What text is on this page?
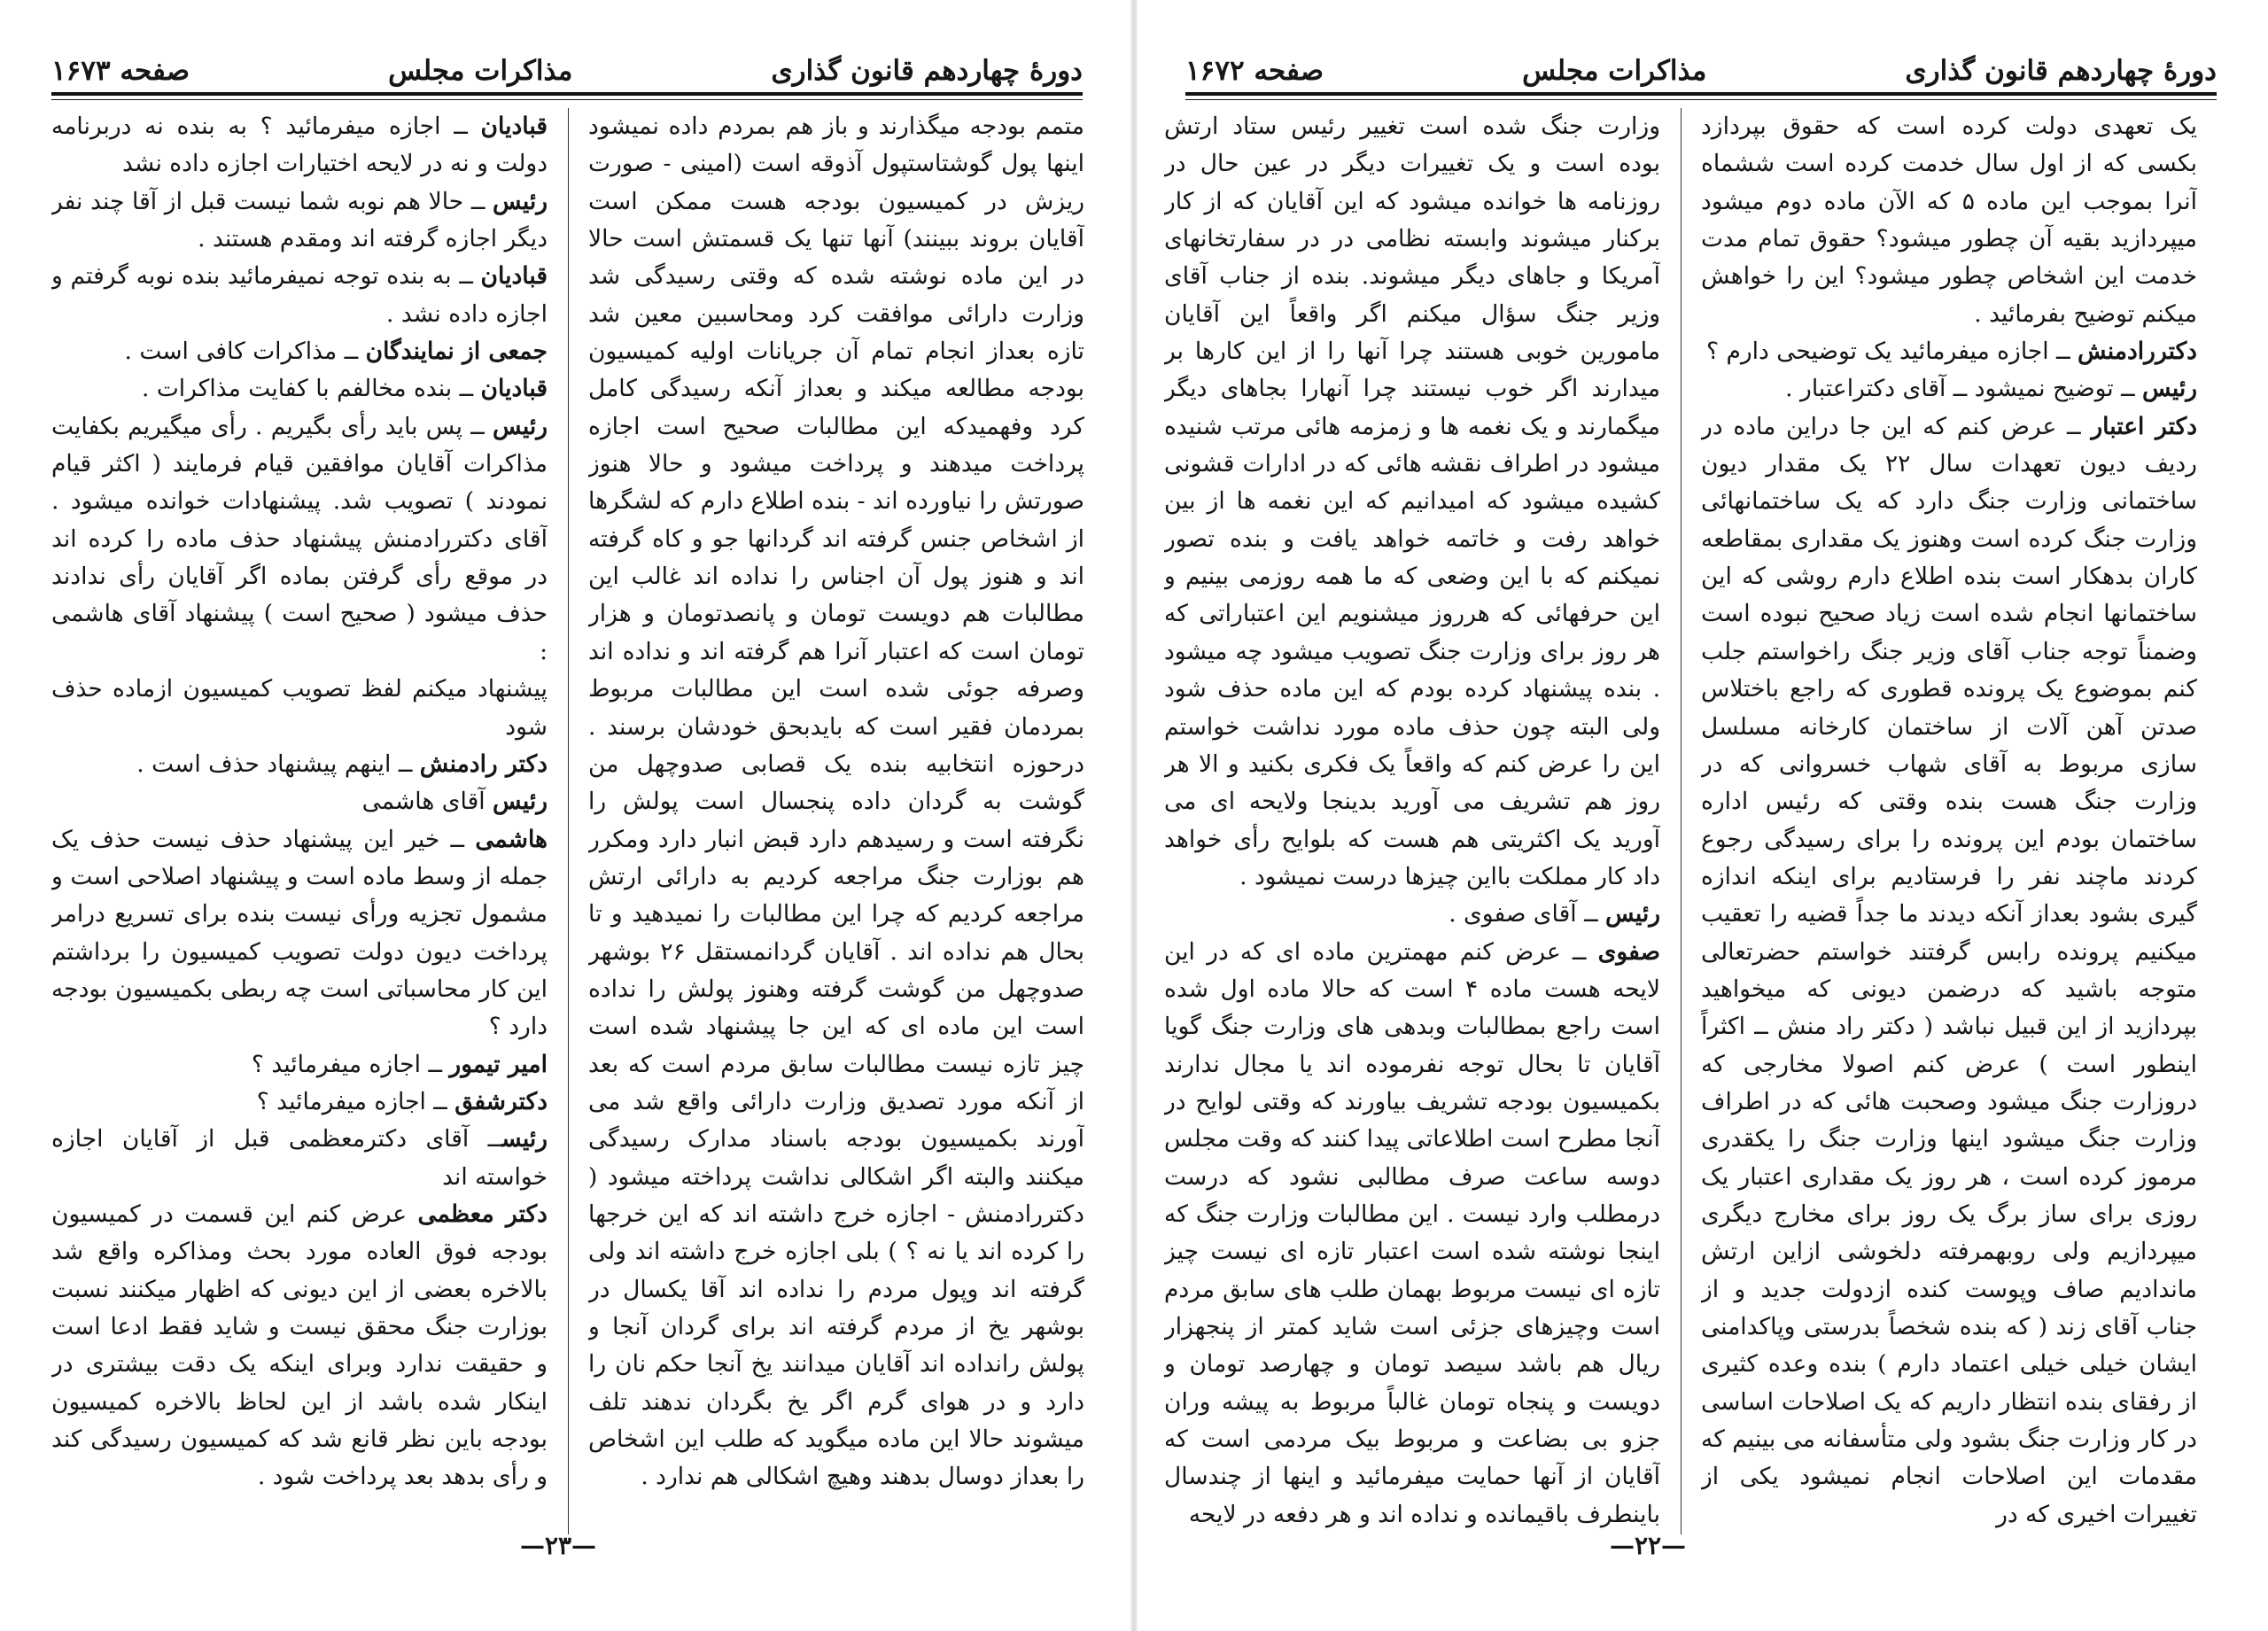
دورهٔ چهاردهم قانون گذاری
مذاکرات مجلس
صفحه ۱۶۷۳

متمم بودجه میگذارند و باز هم بمردم داده نمیشود اینها پول گوشتاستپول آذوقه است (امینی - صورت ریزش در کمیسیون بودجه هست ممکن است آقایان بروند ببینند) آنها تنها یک قسمتش است حالا در این ماده نوشته شده که وقتی رسیدگی شد وزارت دارائی موافقت کرد ومحاسبین معین شد تازه بعداز انجام تمام آن جریانات اولیه کمیسیون بودجه مطالعه میکند و بعداز آنکه رسیدگی کامل کرد وفهمیدکه این مطالبات صحیح است اجازه پرداخت میدهند و پرداخت میشود و حالا هنوز صورتش را نیاورده اند - بنده اطلاع دارم که لشگرها از اشخاص جنس گرفته اند گردانها جو و کاه گرفته اند و هنوز پول آن اجناس را نداده اند غالب این مطالبات هم دویست تومان و پانصدتومان و هزار تومان است که اعتبار آنرا هم گرفته اند و نداده اند وصرفه جوئی شده است این مطالبات مربوط بمردمان فقیر است که بایدبحق خودشان برسند . درحوزه انتخابیه بنده یک قصابی صدوچهل من گوشت به گردان داده پنجسال است پولش را نگرفته است و رسیدهم دارد قبض انبار دارد ومکرر هم بوزارت جنگ مراجعه کردیم به دارائی ارتش مراجعه کردیم که چرا این مطالبات را نمیدهید و تا بحال هم نداده اند . آقایان گردانمستقل ۲۶ بوشهر صدوچهل من گوشت گرفته وهنوز پولش را نداده است این ماده ای که این جا پیشنهاد شده است چیز تازه نیست مطالبات سابق مردم است که بعد از آنکه مورد تصدیق وزارت دارائی واقع شد می آورند بکمیسیون بودجه باسناد مدارک رسیدگی میکنند والبته اگر اشکالی نداشت پرداخته میشود ( دکتررادمنش - اجازه خرج داشته اند که این خرجها را کرده اند یا نه ؟ ) بلی اجازه خرج داشته اند ولی گرفته اند وپول مردم را نداده اند آقا یکسال در بوشهر یخ از مردم گرفته اند برای گردان آنجا و پولش رانداده اند آقایان میدانند یخ آنجا حکم نان را دارد و در هوای گرم اگر یخ بگردان ندهند تلف میشوند حالا این ماده میگوید که طلب این اشخاص را بعداز دوسال بدهند وهیچ اشکالی هم ندارد .

قبادیان ــ اجازه میفرمائید ؟ به بنده نه دربرنامه دولت و نه در لایحه اختیارات اجازه داده نشد

رئیس ــ حالا هم نوبه شما نیست قبل از آقا چند نفر دیگر اجازه گرفته اند ومقدم هستند .

قبادیان ــ به بنده توجه نمیفرمائید بنده نوبه گرفتم و اجازه داده نشد .

جمعی از نمایندگان ــ مذاکرات کافی است .

قبادیان ــ بنده مخالفم با کفایت مذاکرات .

رئیس ــ پس باید رأی بگیریم . رأی میگیریم بکفایت مذاکرات آقایان موافقین قیام فرمایند ( اکثر قیام نمودند ) تصویب شد. پیشنهادات خوانده میشود . آقای دکتررادمنش پیشنهاد حذف ماده را کرده اند در موقع رأی گرفتن بماده اگر آقایان رأی ندادند حذف میشود ( صحیح است ) پیشنهاد آقای هاشمی :

پیشنهاد میکنم لفظ تصویب کمیسیون ازماده حذف شود

دکتر رادمنش ــ اینهم پیشنهاد حذف است .

رئیس آقای هاشمی

هاشمی ــ خیر این پیشنهاد حذف نیست حذف یک جمله از وسط ماده است و پیشنهاد اصلاحی است و مشمول تجزیه ورأی نیست بنده برای تسریع درامر پرداخت دیون دولت تصویب کمیسیون را برداشتم این کار محاسباتی است چه ربطی بکمیسیون بودجه دارد ؟

امیر تیمور ــ اجازه میفرمائید ؟

دکترشفق ــ اجازه میفرمائید ؟

رئیســ آقای دکترمعظمی قبل از آقایان اجازه خواسته اند

دکتر معظمی عرض کنم این قسمت در کمیسیون بودجه فوق العاده مورد بحث ومذاکره واقع شد بالاخره بعضی از این دیونی که اظهار میکنند نسبت بوزارت جنگ محقق نیست و شاید فقط ادعا است و حقیقت ندارد وبرای اینکه یک دقت بیشتری در اینکار شده باشد از این لحاظ بالاخره کمیسیون بودجه باین نظر قانع شد که کمیسیون رسیدگی کند و رأی بدهد بعد پرداخت شود .

—۲۳—
دورهٔ چهاردهم قانون گذاری
مذاکرات مجلس
صفحه ۱۶۷۲

یک تعهدی دولت کرده است که حقوق بپردازد بکسی که از اول سال خدمت کرده است ششماه آنرا بموجب این ماده ۵ که الآن ماده دوم میشود میپردازید بقیه آن چطور میشود؟ حقوق تمام مدت خدمت این اشخاص چطور میشود؟ این را خواهش میکنم توضیح بفرمائید .

دکتررادمنش ــ اجازه میفرمائید یک توضیحی دارم ؟

رئیس ــ توضیح نمیشود ــ آقای دکتراعتبار .

دکتر اعتبار ــ عرض کنم که این جا دراین ماده در ردیف دیون تعهدات سال ۲۲ یک مقدار دیون ساختمانی وزارت جنگ دارد که یک ساختمانهائی وزارت جنگ کرده است وهنوز یک مقداری بمقاطعه کاران بدهکار است بنده اطلاع دارم روشی که این ساختمانها انجام شده است زیاد صحیح نبوده است وضمناً توجه جناب آقای وزیر جنگ راخواستم جلب کنم بموضوع یک پرونده قطوری که راجع باختلاس صدتن آهن آلات از ساختمان کارخانه مسلسل سازی مربوط به آقای شهاب خسروانی که در وزارت جنگ هست بنده وقتی که رئیس اداره ساختمان بودم این پرونده را برای رسیدگی رجوع کردند ماچند نفر را فرستادیم برای اینکه اندازه گیری بشود بعداز آنکه دیدند ما جداً قضیه را تعقیب میکنیم پرونده رابس گرفتند خواستم حضرتعالی متوجه باشید که درضمن دیونی که میخواهید بپردازید از این قبیل نباشد ( دکتر راد منش ــ اکثراً اینطور است ) عرض کنم اصولا مخارجی که دروزارت جنگ میشود وصحبت هائی که در اطراف وزارت جنگ میشود اینها وزارت جنگ را یکقدری مرموز کرده است ، هر روز یک مقداری اعتبار یک روزی برای ساز برگ یک روز برای مخارج دیگری میپردازیم ولی روبهمرفته دلخوشی ازاین ارتش ماندادیم صاف وپوست کنده ازدولت جدید و از جناب آقای زند ( که بنده شخصاً بدرستی وپاکدامنی ایشان خیلی خیلی اعتماد دارم ) بنده وعده کثیری از رفقای بنده انتظار داریم که یک اصلاحات اساسی در کار وزارت جنگ بشود ولی متأسفانه می بینیم که مقدمات این اصلاحات انجام نمیشود یکی از تغییرات اخیری که در

وزارت جنگ شده است تغییر رئیس ستاد ارتش بوده است و یک تغییرات دیگر در عین حال در روزنامه ها خوانده میشود که این آقایان که از کار برکنار میشوند وابسته نظامی در در سفارتخانهای آمریکا و جاهای دیگر میشوند. بنده از جناب آقای وزیر جنگ سؤال میکنم اگر واقعاً این آقایان مامورین خوبی هستند چرا آنها را از این کارها بر میدارند اگر خوب نیستند چرا آنهارا بجاهای دیگر میگمارند و یک نغمه ها و زمزمه هائی مرتب شنیده میشود در اطراف نقشه هائی که در ادارات قشونی کشیده میشود که امیدانیم که این نغمه ها از بین خواهد رفت و خاتمه خواهد یافت و بنده تصور نمیکنم که با این وضعی که ما همه روزمی بینیم و این حرفهائی که هرروز میشنویم این اعتباراتی که هر روز برای وزارت جنگ تصویب میشود چه میشود . بنده پیشنهاد کرده بودم که این ماده حذف شود ولی البته چون حذف ماده مورد نداشت خواستم این را عرض کنم که واقعاً یک فکری بکنید و الا هر روز هم تشریف می آورید بدینجا ولایحه ای می آورید یک اکثریتی هم هست که بلوایح رأی خواهد داد کار مملکت بااین چیزها درست نمیشود .

رئیس ــ آقای صفوی .

صفوی ــ عرض کنم مهمترین ماده ای که در این لایحه هست ماده ۴ است که حالا ماده اول شده است راجع بمطالبات وبدهی های وزارت جنگ گویا آقایان تا بحال توجه نفرموده اند یا مجال ندارند بکمیسیون بودجه تشریف بیاورند که وقتی لوایح در آنجا مطرح است اطلاعاتی پیدا کنند که وقت مجلس دوسه ساعت صرف مطالبی نشود که درست درمطلب وارد نیست . این مطالبات وزارت جنگ که اینجا نوشته شده است اعتبار تازه ای نیست چیز تازه ای نیست مربوط بهمان طلب های سابق مردم است وچیزهای جزئی است شاید کمتر از پنجهزار ریال هم باشد سیصد تومان و چهارصد تومان و دویست و پنجاه تومان غالباً مربوط به پیشه وران جزو بی بضاعت و مربوط بیک مردمی است که آقایان از آنها حمایت میفرمائید و اینها از چندسال باینطرف باقیمانده و نداده اند و هر دفعه در لایحه

—۲۲—
